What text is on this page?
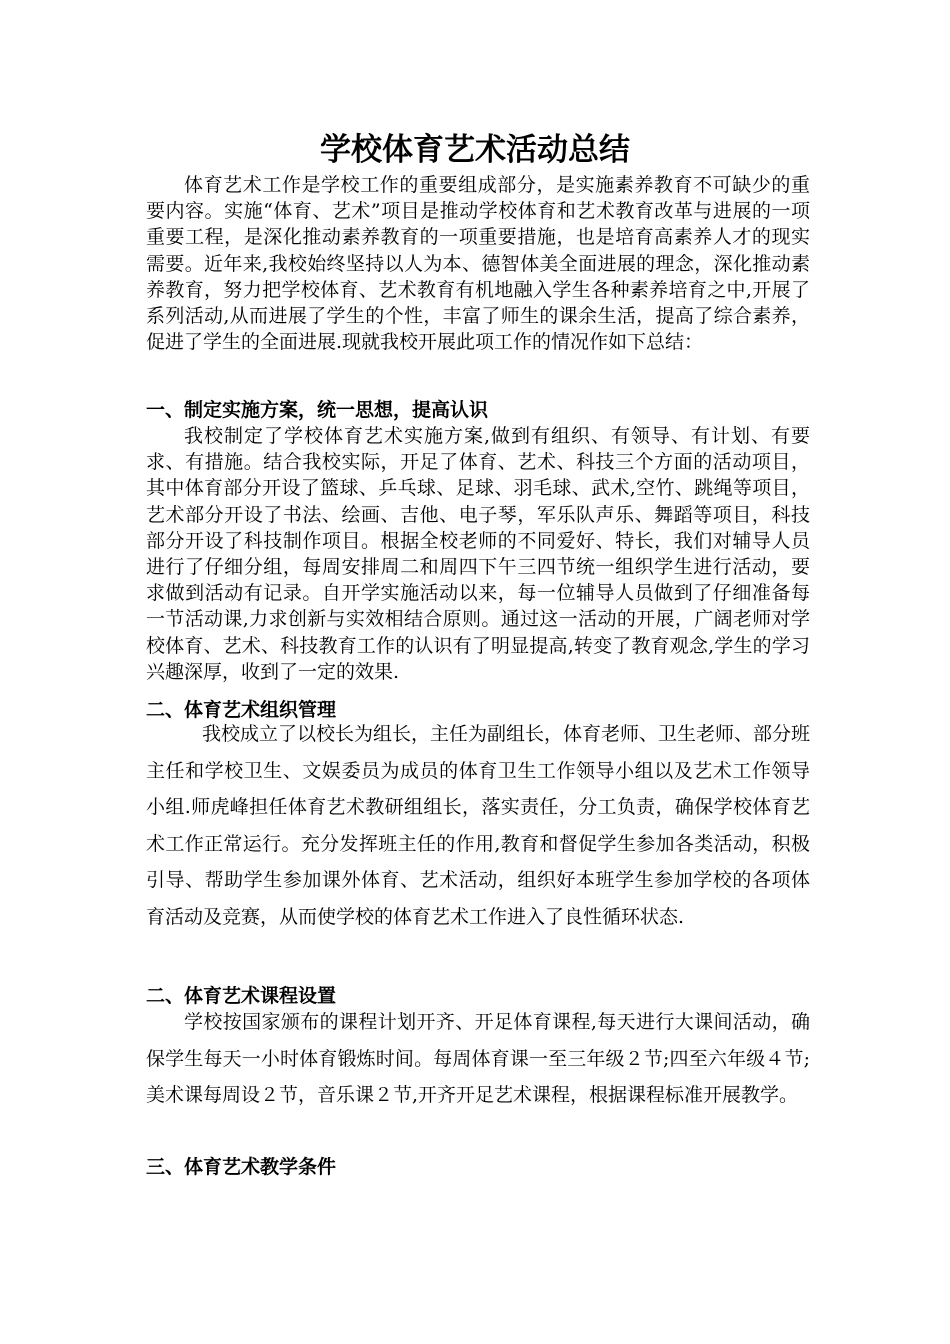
学校体育艺术活动总结

体育艺术工作是学校工作的重要组成部分，是实施素养教育不可缺少的重要内容。实施“体育、艺术”项目是推动学校体育和艺术教育改革与进展的一项重要工程，是深化推动素养教育的一项重要措施，也是培育高素养人才的现实需要。近年来,我校始终坚持以人为本、德智体美全面进展的理念，深化推动素养教育，努力把学校体育、艺术教育有机地融入学生各种素养培育之中,开展了系列活动,从而进展了学生的个性，丰富了师生的课余生活，提高了综合素养，促进了学生的全面进展.现就我校开展此项工作的情况作如下总结：

一、制定实施方案，统一思想，提高认识

我校制定了学校体育艺术实施方案,做到有组织、有领导、有计划、有要求、有措施。结合我校实际，开足了体育、艺术、科技三个方面的活动项目，其中体育部分开设了篮球、乒乓球、足球、羽毛球、武术,空竹、跳绳等项目，艺术部分开设了书法、绘画、吉他、电子琴，军乐队声乐、舞蹈等项目，科技部分开设了科技制作项目。根据全校老师的不同爱好、特长，我们对辅导人员进行了仔细分组，每周安排周二和周四下午三四节统一组织学生进行活动，要求做到活动有记录。自开学实施活动以来，每一位辅导人员做到了仔细准备每一节活动课,力求创新与实效相结合原则。通过这一活动的开展，广阔老师对学校体育、艺术、科技教育工作的认识有了明显提高,转变了教育观念,学生的学习兴趣深厚，收到了一定的效果.

二、体育艺术组织管理

我校成立了以校长为组长，主任为副组长，体育老师、卫生老师、部分班主任和学校卫生、文娱委员为成员的体育卫生工作领导小组以及艺术工作领导小组.师虎峰担任体育艺术教研组组长，落实责任，分工负责，确保学校体育艺术工作正常运行。充分发挥班主任的作用,教育和督促学生参加各类活动，积极引导、帮助学生参加课外体育、艺术活动，组织好本班学生参加学校的各项体育活动及竞赛，从而使学校的体育艺术工作进入了良性循环状态.

二、体育艺术课程设置

学校按国家颁布的课程计划开齐、开足体育课程,每天进行大课间活动，确保学生每天一小时体育锻炼时间。每周体育课一至三年级２节;四至六年级４节;美术课每周设２节，音乐课２节,开齐开足艺术课程，根据课程标准开展教学。

三、体育艺术教学条件
